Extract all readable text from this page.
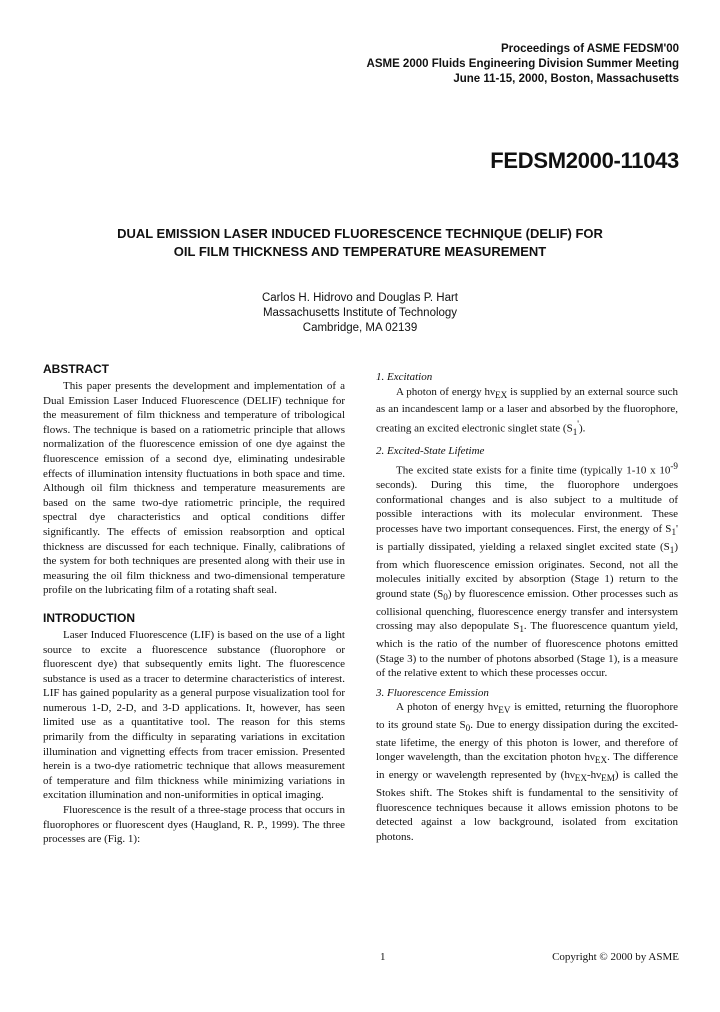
Proceedings of ASME FEDSM'00
ASME 2000 Fluids Engineering Division Summer Meeting
June 11-15, 2000, Boston, Massachusetts
FEDSM2000-11043
DUAL EMISSION LASER INDUCED FLUORESCENCE TECHNIQUE (DELIF) FOR
OIL FILM THICKNESS AND TEMPERATURE MEASUREMENT
Carlos H. Hidrovo and Douglas P. Hart
Massachusetts Institute of Technology
Cambridge, MA 02139
ABSTRACT

This paper presents the development and implementation of a Dual Emission Laser Induced Fluorescence (DELIF) technique for the measurement of film thickness and temperature of tribological flows. The technique is based on a ratiometric principle that allows normalization of the fluorescence emission of one dye against the fluorescence emission of a second dye, eliminating undesirable effects of illumination intensity fluctuations in both space and time. Although oil film thickness and temperature measurements are based on the same two-dye ratiometric principle, the required spectral dye characteristics and optical conditions differ significantly. The effects of emission reabsorption and optical thickness are discussed for each technique. Finally, calibrations of the system for both techniques are presented along with their use in measuring the oil film thickness and two-dimensional temperature profile on the lubricating film of a rotating shaft seal.

INTRODUCTION

Laser Induced Fluorescence (LIF) is based on the use of a light source to excite a fluorescence substance (fluorophore or fluorescent dye) that subsequently emits light. The fluorescence substance is used as a tracer to determine characteristics of interest. LIF has gained popularity as a general purpose visualization tool for numerous 1-D, 2-D, and 3-D applications. It, however, has seen limited use as a quantitative tool. The reason for this stems primarily from the difficulty in separating variations in excitation illumination and vignetting effects from tracer emission. Presented herein is a two-dye ratiometric technique that allows measurement of temperature and film thickness while minimizing variations in excitation illumination and non-uniformities in optical imaging.

Fluorescence is the result of a three-stage process that occurs in fluorophores or fluorescent dyes (Haugland, R. P., 1999). The three processes are (Fig. 1):

1. Excitation

A photon of energy $h\nu_{EX}$ is supplied by an external source such as an incandescent lamp or a laser and absorbed by the fluorophore, creating an excited electronic singlet state $(S_1')$.

2. Excited-State Lifetime

The excited state exists for a finite time (typically 1-10 x $10^{-9}$ seconds). During this time, the fluorophore undergoes conformational changes and is also subject to a multitude of possible interactions with its molecular environment. These processes have two important consequences. First, the energy of $S_1'$ is partially dissipated, yielding a relaxed singlet excited state $(S_1)$ from which fluorescence emission originates. Second, not all the molecules initially excited by absorption (Stage 1) return to the ground state $(S_0)$ by fluorescence emission. Other processes such as collisional quenching, fluorescence energy transfer and intersystem crossing may also depopulate $S_1$. The fluorescence quantum yield, which is the ratio of the number of fluorescence photons emitted (Stage 3) to the number of photons absorbed (Stage 1), is a measure of the relative extent to which these processes occur.

3. Fluorescence Emission

A photon of energy $h\nu_{EV}$ is emitted, returning the fluorophore to its ground state $S_0$. Due to energy dissipation during the excited-state lifetime, the energy of this photon is lower, and therefore of longer wavelength, than the excitation photon $h\nu_{EX}$. The difference in energy or wavelength represented by $(h\nu_{EX}-h\nu_{EM})$ is called the Stokes shift. The Stokes shift is fundamental to the sensitivity of fluorescence techniques because it allows emission photons to be detected against a low background, isolated from excitation photons.

1	Copyright © 2000 by ASME
